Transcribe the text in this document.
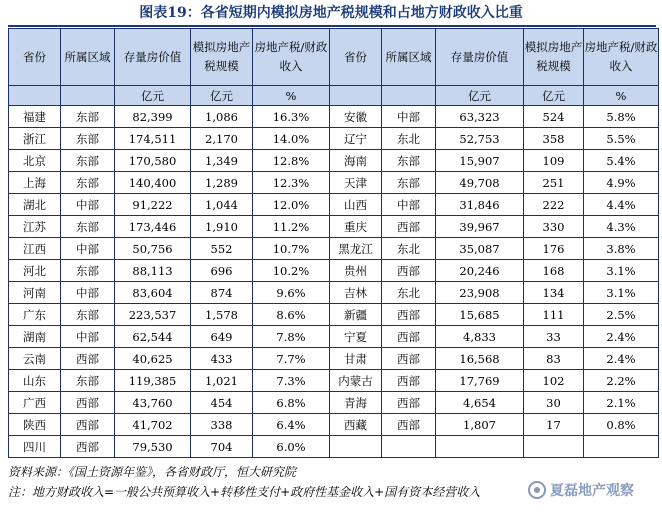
图表19：各省短期内模拟房地产税规模和占地方财政收入比重
省份	所属区域	存量房价值	模拟房地产税规模	房地产税/财政收入	省份	所属区域	存量房价值	模拟房地产税规模	房地产税/财政收入
		亿元	亿元	%			亿元	亿元	%
福建	东部	82,399	1,086	16.3%	安徽	中部	63,323	524	5.8%
浙江	东部	174,511	2,170	14.0%	辽宁	东北	52,753	358	5.5%
北京	东部	170,580	1,349	12.8%	海南	东部	15,907	109	5.4%
上海	东部	140,400	1,289	12.3%	天津	东部	49,708	251	4.9%
湖北	中部	91,222	1,044	12.0%	山西	中部	31,846	222	4.4%
江苏	东部	173,446	1,910	11.2%	重庆	西部	39,967	330	4.3%
江西	中部	50,756	552	10.7%	黑龙江	东北	35,087	176	3.8%
河北	东部	88,113	696	10.2%	贵州	西部	20,246	168	3.1%
河南	中部	83,604	874	9.6%	吉林	东北	23,908	134	3.1%
广东	东部	223,537	1,578	8.6%	新疆	西部	15,685	111	2.5%
湖南	中部	62,544	649	7.8%	宁夏	西部	4,833	33	2.4%
云南	西部	40,625	433	7.7%	甘肃	西部	16,568	83	2.4%
山东	东部	119,385	1,021	7.3%	内蒙古	西部	17,769	102	2.2%
广西	西部	43,760	454	6.8%	青海	西部	4,654	30	2.1%
陕西	西部	41,702	338	6.4%	西藏	西部	1,807	17	0.8%
四川	西部	79,530	704	6.0%					
资料来源：《国土资源年鉴》，各省财政厅，恒大研究院
注：地方财政收入=一般公共预算收入+转移性支付+政府性基金收入+国有资本经营收入	夏磊地产观察
